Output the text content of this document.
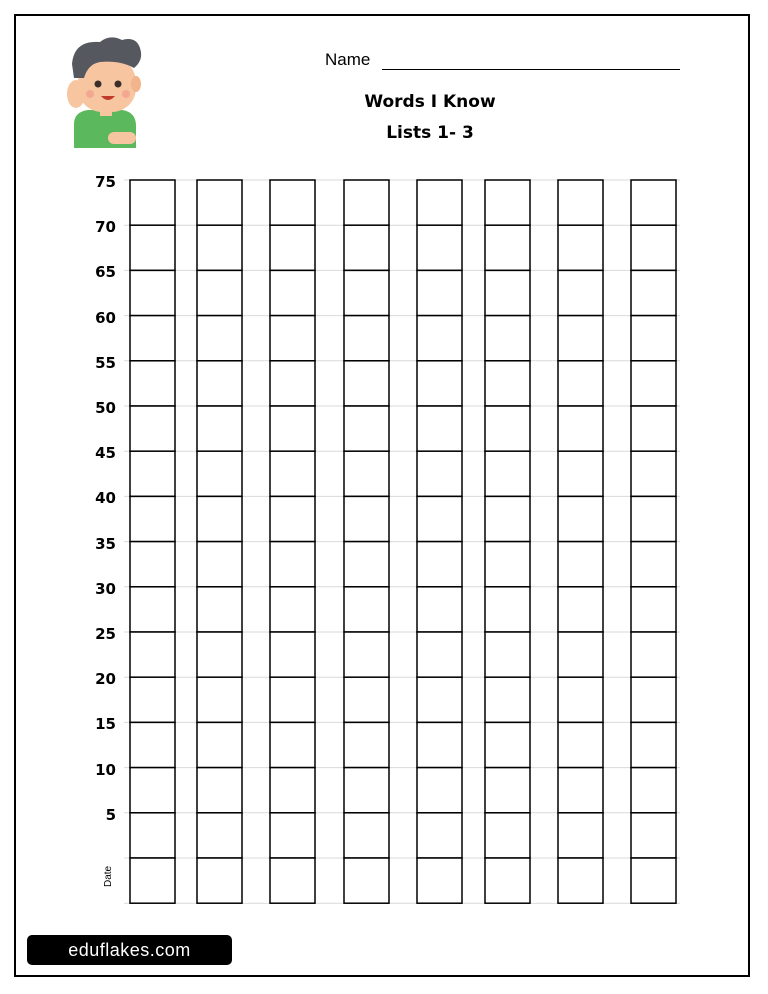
Name
Words I Know
Lists 1- 3
75
70
65
60
55
50
45
40
35
30
25
20
15
10
5
Date
eduflakes.com
